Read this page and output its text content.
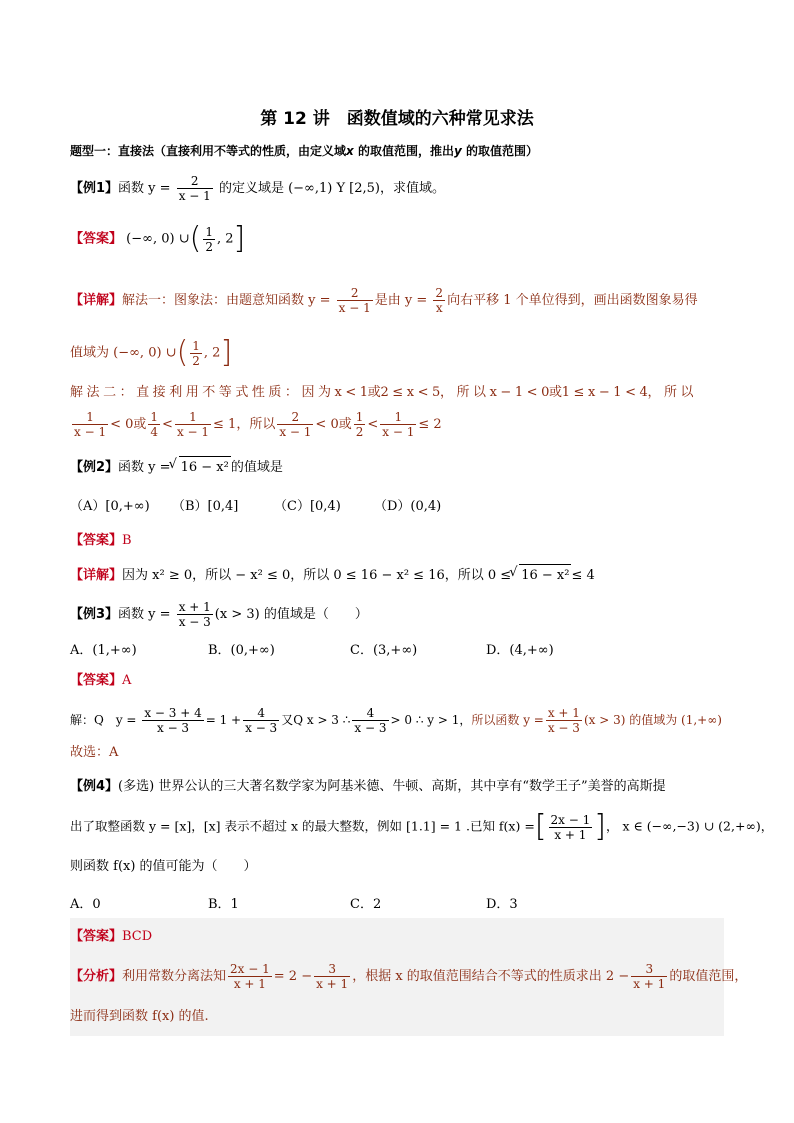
第 12 讲　函数值域的六种常见求法
题型一：直接法（直接利用不等式的性质，由定义域x 的取值范围，推出y 的取值范围）
【例1】函数 $y = \frac{2}{x - 1}$ 的定义域是 (−∞,1) Y [2,5)，求值域。
【答案】 (−∞, 0) ∪( $\frac{1}{2}$ , 2]
【详解】解法一：图象法：由题意知函数 $y = \frac{2}{x - 1}$ 是由 $y = \frac{2}{x}$ 向右平移 1 个单位得到，画出函数图象易得
值域为 (−∞, 0) ∪( $\frac{1}{2}$ , 2]
解 法 二 ： 直 接 利 用 不 等 式 性 质 ： 因 为 x < 1或2 ≤ x < 5， 所 以 x − 1 < 0或1 ≤ x − 1 < 4， 所 以
$\frac{1}{x - 1} < 0$或 $\frac{1}{4} < \frac{1}{x - 1} \le 1$，所以 $\frac{2}{x - 1} < 0$或 $\frac{1}{2} < \frac{1}{x - 1} \le 2$
【例2】函数 y = √ 16 − x² 的值域是
（A）[0,+∞) （B）[0,4]	（C）[0,4)	（D）(0,4)
【答案】B
【详解】因为 x² ≥ 0，所以 − x² ≤ 0，所以 0 ≤ 16 − x² ≤ 16，所以 0 ≤ √ 16 − x² ≤ 4
【例3】函数 $y = \frac{x + 1}{x - 3} (x > 3)$ 的值域是（　　）
A．(1,+∞)	B．(0,+∞)	C．(3,+∞)	D．(4,+∞)
【答案】A
解：Q　$y = \frac{x - 3 + 4}{x - 3} = 1 + \frac{4}{x - 3}$ 又Q x > 3 ∴ $\frac{4}{x - 3} > 0$ ∴ y > 1，所以函数 $y = \frac{x + 1}{x - 3} (x > 3)$ 的值域为 (1,+∞)
故选：A
【例4】(多选) 世界公认的三大著名数学家为阿基米德、牛顿、高斯，其中享有“数学王子”美誉的高斯提
出了取整函数 y = [x]，[x] 表示不超过 x 的最大整数，例如 [1.1] = 1 .已知 f(x) =[ $\frac{2x - 1}{x + 1}$ ]， x ∈ (−∞,−3) ∪ (2,+∞)，
则函数 f(x) 的值可能为（　　）
A．0	B．1	C．2	D．3
【答案】BCD
【分析】利用常数分离法知 $\frac{2x - 1}{x + 1} = 2 - \frac{3}{x + 1}$ ，根据 x 的取值范围结合不等式的性质求出 $2 - \frac{3}{x + 1}$ 的取值范围，
进而得到函数 f(x) 的值.
